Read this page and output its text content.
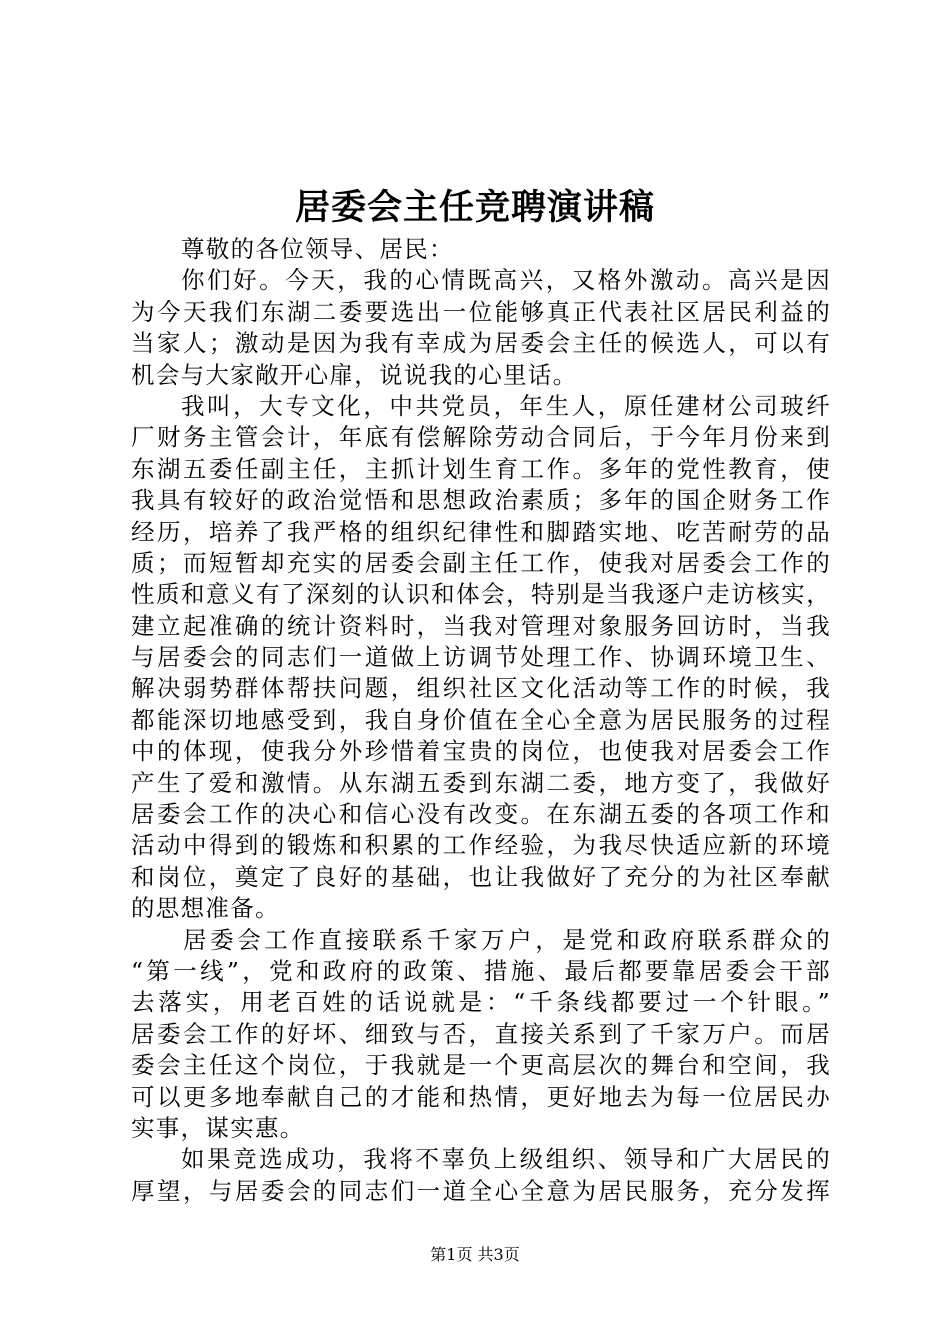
居委会主任竞聘演讲稿
尊敬的各位领导、居民：
你们好。今天，我的心情既高兴，又格外激动。高兴是因
为今天我们东湖二委要选出一位能够真正代表社区居民利益的
当家人；激动是因为我有幸成为居委会主任的候选人，可以有
机会与大家敞开心扉，说说我的心里话。
我叫，大专文化，中共党员，年生人，原任建材公司玻纤
厂财务主管会计，年底有偿解除劳动合同后，于今年月份来到
东湖五委任副主任，主抓计划生育工作。多年的党性教育，使
我具有较好的政治觉悟和思想政治素质；多年的国企财务工作
经历，培养了我严格的组织纪律性和脚踏实地、吃苦耐劳的品
质；而短暂却充实的居委会副主任工作，使我对居委会工作的
性质和意义有了深刻的认识和体会，特别是当我逐户走访核实，
建立起准确的统计资料时，当我对管理对象服务回访时，当我
与居委会的同志们一道做上访调节处理工作、协调环境卫生、
解决弱势群体帮扶问题，组织社区文化活动等工作的时候，我
都能深切地感受到，我自身价值在全心全意为居民服务的过程
中的体现，使我分外珍惜着宝贵的岗位，也使我对居委会工作
产生了爱和激情。从东湖五委到东湖二委，地方变了，我做好
居委会工作的决心和信心没有改变。在东湖五委的各项工作和
活动中得到的锻炼和积累的工作经验，为我尽快适应新的环境
和岗位，奠定了良好的基础，也让我做好了充分的为社区奉献
的思想准备。
居委会工作直接联系千家万户，是党和政府联系群众的
“第一线”，党和政府的政策、措施、最后都要靠居委会干部
去落实，用老百姓的话说就是：“千条线都要过一个针眼。”
居委会工作的好坏、细致与否，直接关系到了千家万户。而居
委会主任这个岗位，于我就是一个更高层次的舞台和空间，我
可以更多地奉献自己的才能和热情，更好地去为每一位居民办
实事，谋实惠。
如果竞选成功，我将不辜负上级组织、领导和广大居民的
厚望，与居委会的同志们一道全心全意为居民服务，充分发挥
第1页 共3页
